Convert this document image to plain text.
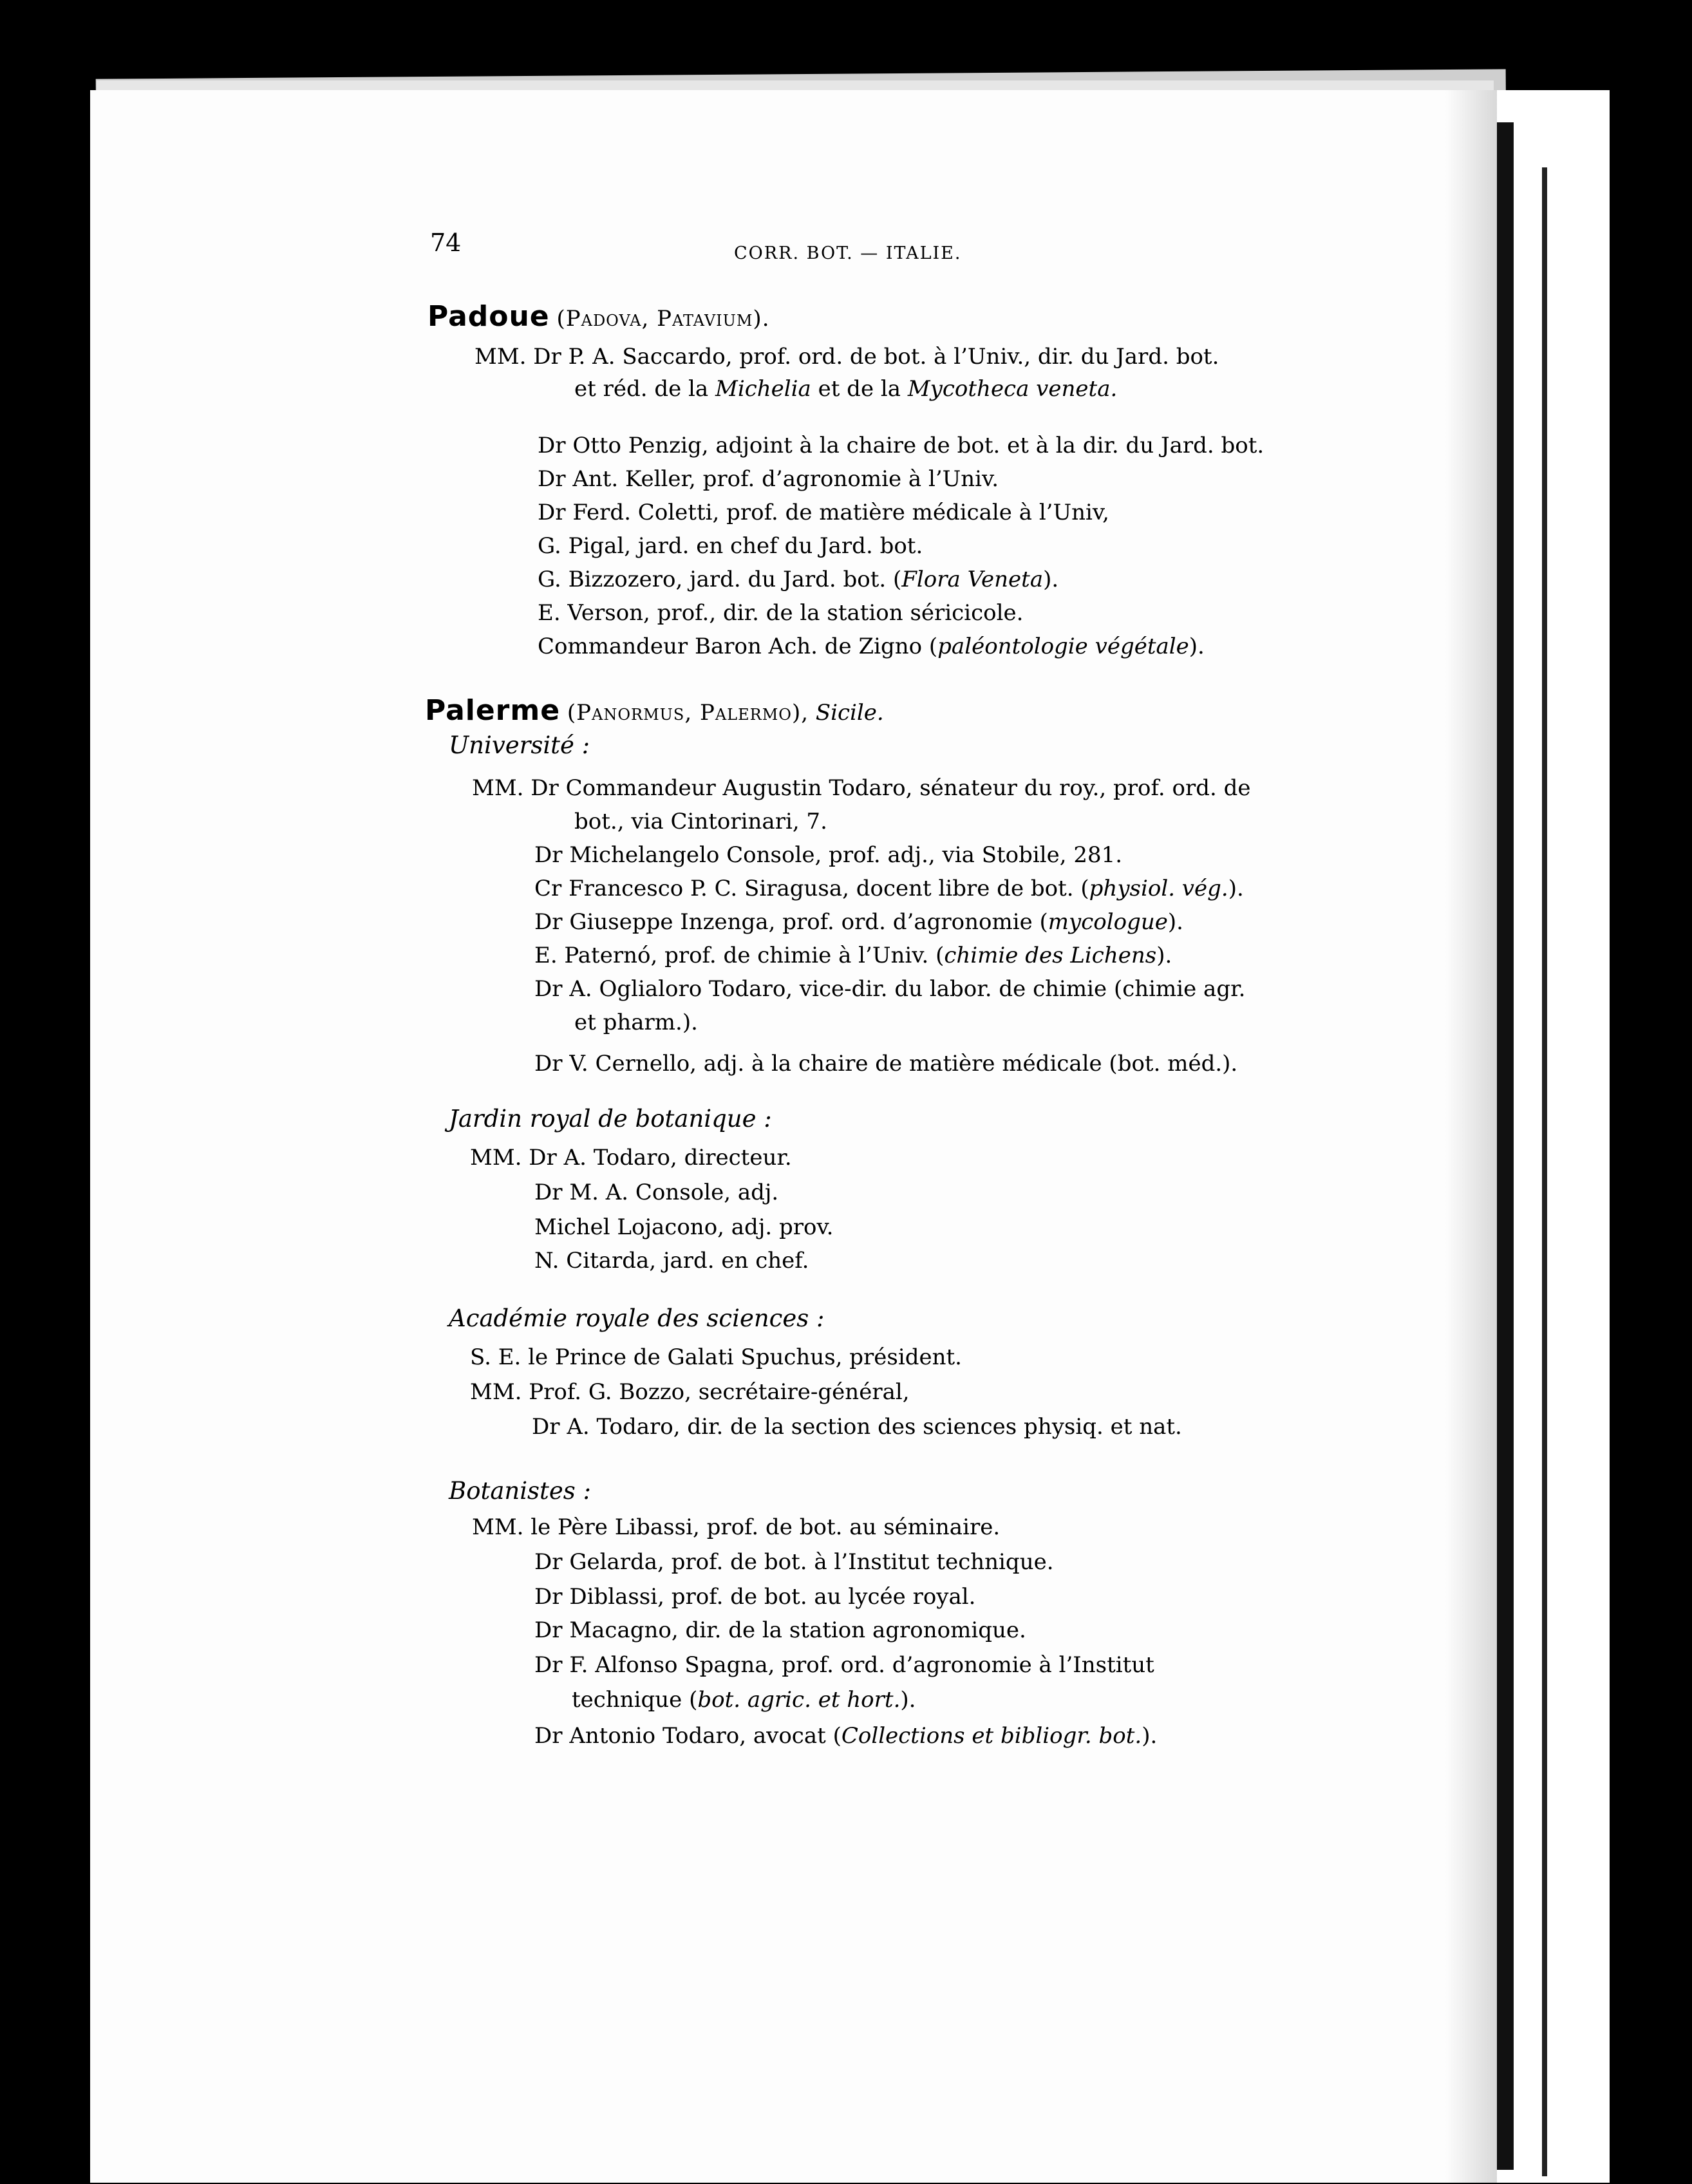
74	CORR. BOT. — ITALIE.
Padoue (Padova, Patavium).
MM. Dr P. A. Saccardo, prof. ord. de bot. à l’Univ., dir. du Jard. bot.
et réd. de la Michelia et de la Mycotheca veneta.
Dr Otto Penzig, adjoint à la chaire de bot. et à la dir. du Jard. bot.
Dr Ant. Keller, prof. d’agronomie à l’Univ.
Dr Ferd. Coletti, prof. de matière médicale à l’Univ,
G. Pigal, jard. en chef du Jard. bot.
G. Bizzozero, jard. du Jard. bot. (Flora Veneta).
E. Verson, prof., dir. de la station séricicole.
Commandeur Baron Ach. de Zigno (paléontologie végétale).
Palerme (Panormus, Palermo), Sicile.
Université :
MM. Dr Commandeur Augustin Todaro, sénateur du roy., prof. ord. de
bot., via Cintorinari, 7.
Dr Michelangelo Console, prof. adj., via Stobile, 281.
Cr Francesco P. C. Siragusa, docent libre de bot. (physiol. vég.).
Dr Giuseppe Inzenga, prof. ord. d’agronomie (mycologue).
E. Paternó, prof. de chimie à l’Univ. (chimie des Lichens).
Dr A. Oglialoro Todaro, vice-dir. du labor. de chimie (chimie agr.
et pharm.).
Dr V. Cernello, adj. à la chaire de matière médicale (bot. méd.).
Jardin royal de botanique :
MM. Dr A. Todaro, directeur.
Dr M. A. Console, adj.
Michel Lojacono, adj. prov.
N. Citarda, jard. en chef.
Académie royale des sciences :
S. E. le Prince de Galati Spuchus, président.
MM. Prof. G. Bozzo, secrétaire-général,
Dr A. Todaro, dir. de la section des sciences physiq. et nat.
Botanistes :
MM. le Père Libassi, prof. de bot. au séminaire.
Dr Gelarda, prof. de bot. à l’Institut technique.
Dr Diblassi, prof. de bot. au lycée royal.
Dr Macagno, dir. de la station agronomique.
Dr F. Alfonso Spagna, prof. ord. d’agronomie à l’Institut
technique (bot. agric. et hort.).
Dr Antonio Todaro, avocat (Collections et bibliogr. bot.).
